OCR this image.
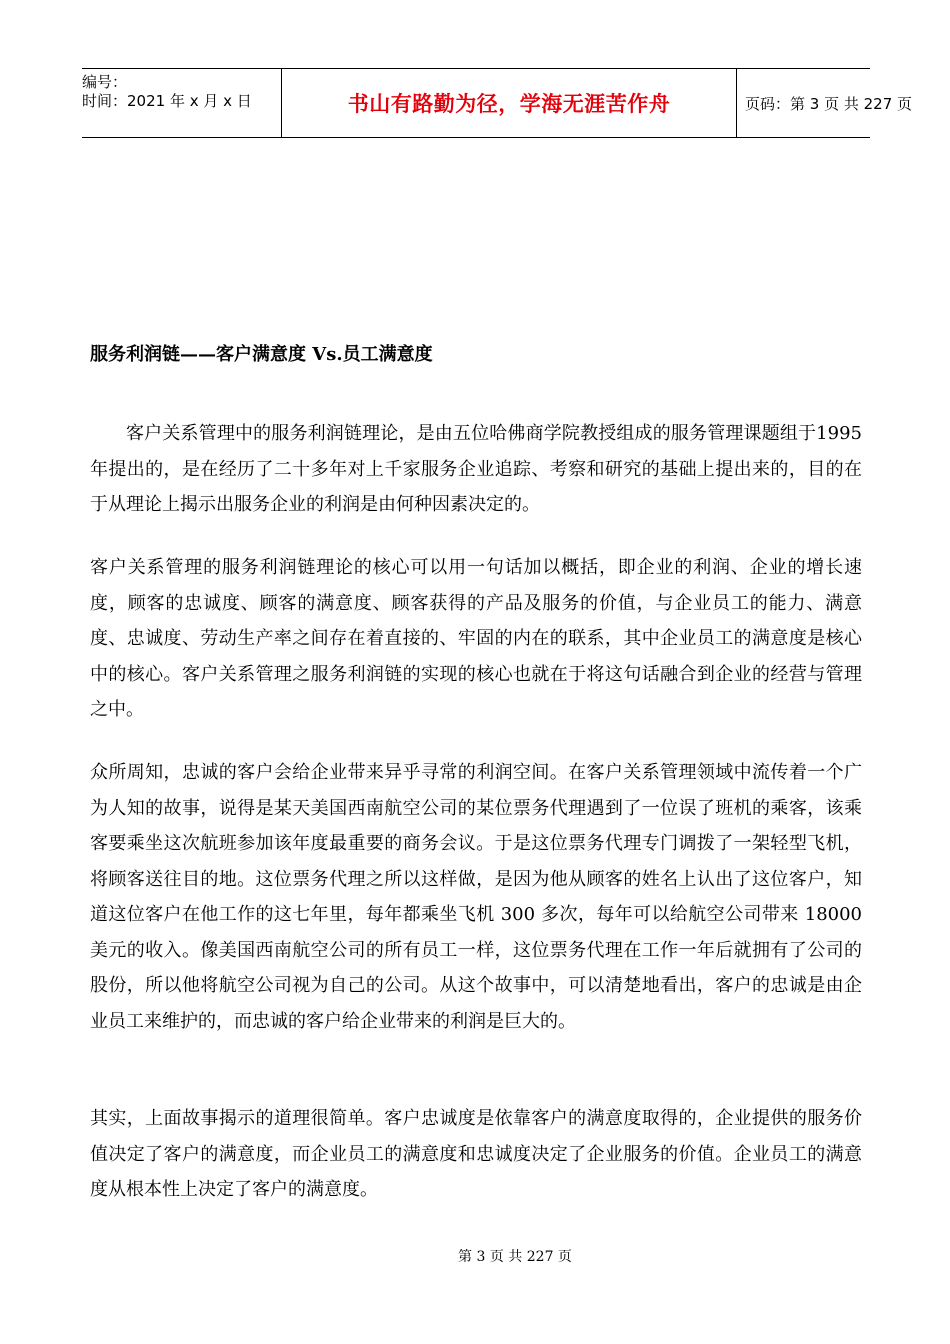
编号：
时间：2021 年 x 月 x 日	书山有路勤为径，学海无涯苦作舟	页码：第 3 页 共 227 页
服务利润链——客户满意度 Vs.员工满意度

客户关系管理中的服务利润链理论，是由五位哈佛商学院教授组成的服务管理课题组于1995 年提出的，是在经历了二十多年对上千家服务企业追踪、考察和研究的基础上提出来的，目的在于从理论上揭示出服务企业的利润是由何种因素决定的。

客户关系管理的服务利润链理论的核心可以用一句话加以概括，即企业的利润、企业的增长速度，顾客的忠诚度、顾客的满意度、顾客获得的产品及服务的价值，与企业员工的能力、满意度、忠诚度、劳动生产率之间存在着直接的、牢固的内在的联系，其中企业员工的满意度是核心中的核心。客户关系管理之服务利润链的实现的核心也就在于将这句话融合到企业的经营与管理之中。

众所周知，忠诚的客户会给企业带来异乎寻常的利润空间。在客户关系管理领域中流传着一个广为人知的故事，说得是某天美国西南航空公司的某位票务代理遇到了一位误了班机的乘客，该乘客要乘坐这次航班参加该年度最重要的商务会议。于是这位票务代理专门调拨了一架轻型飞机，将顾客送往目的地。这位票务代理之所以这样做，是因为他从顾客的姓名上认出了这位客户，知道这位客户在他工作的这七年里，每年都乘坐飞机 300 多次，每年可以给航空公司带来 18000 美元的收入。像美国西南航空公司的所有员工一样，这位票务代理在工作一年后就拥有了公司的股份，所以他将航空公司视为自己的公司。从这个故事中，可以清楚地看出，客户的忠诚是由企业员工来维护的，而忠诚的客户给企业带来的利润是巨大的。

其实，上面故事揭示的道理很简单。客户忠诚度是依靠客户的满意度取得的，企业提供的服务价值决定了客户的满意度，而企业员工的满意度和忠诚度决定了企业服务的价值。企业员工的满意度从根本性上决定了客户的满意度。

第 3 页 共 227 页
